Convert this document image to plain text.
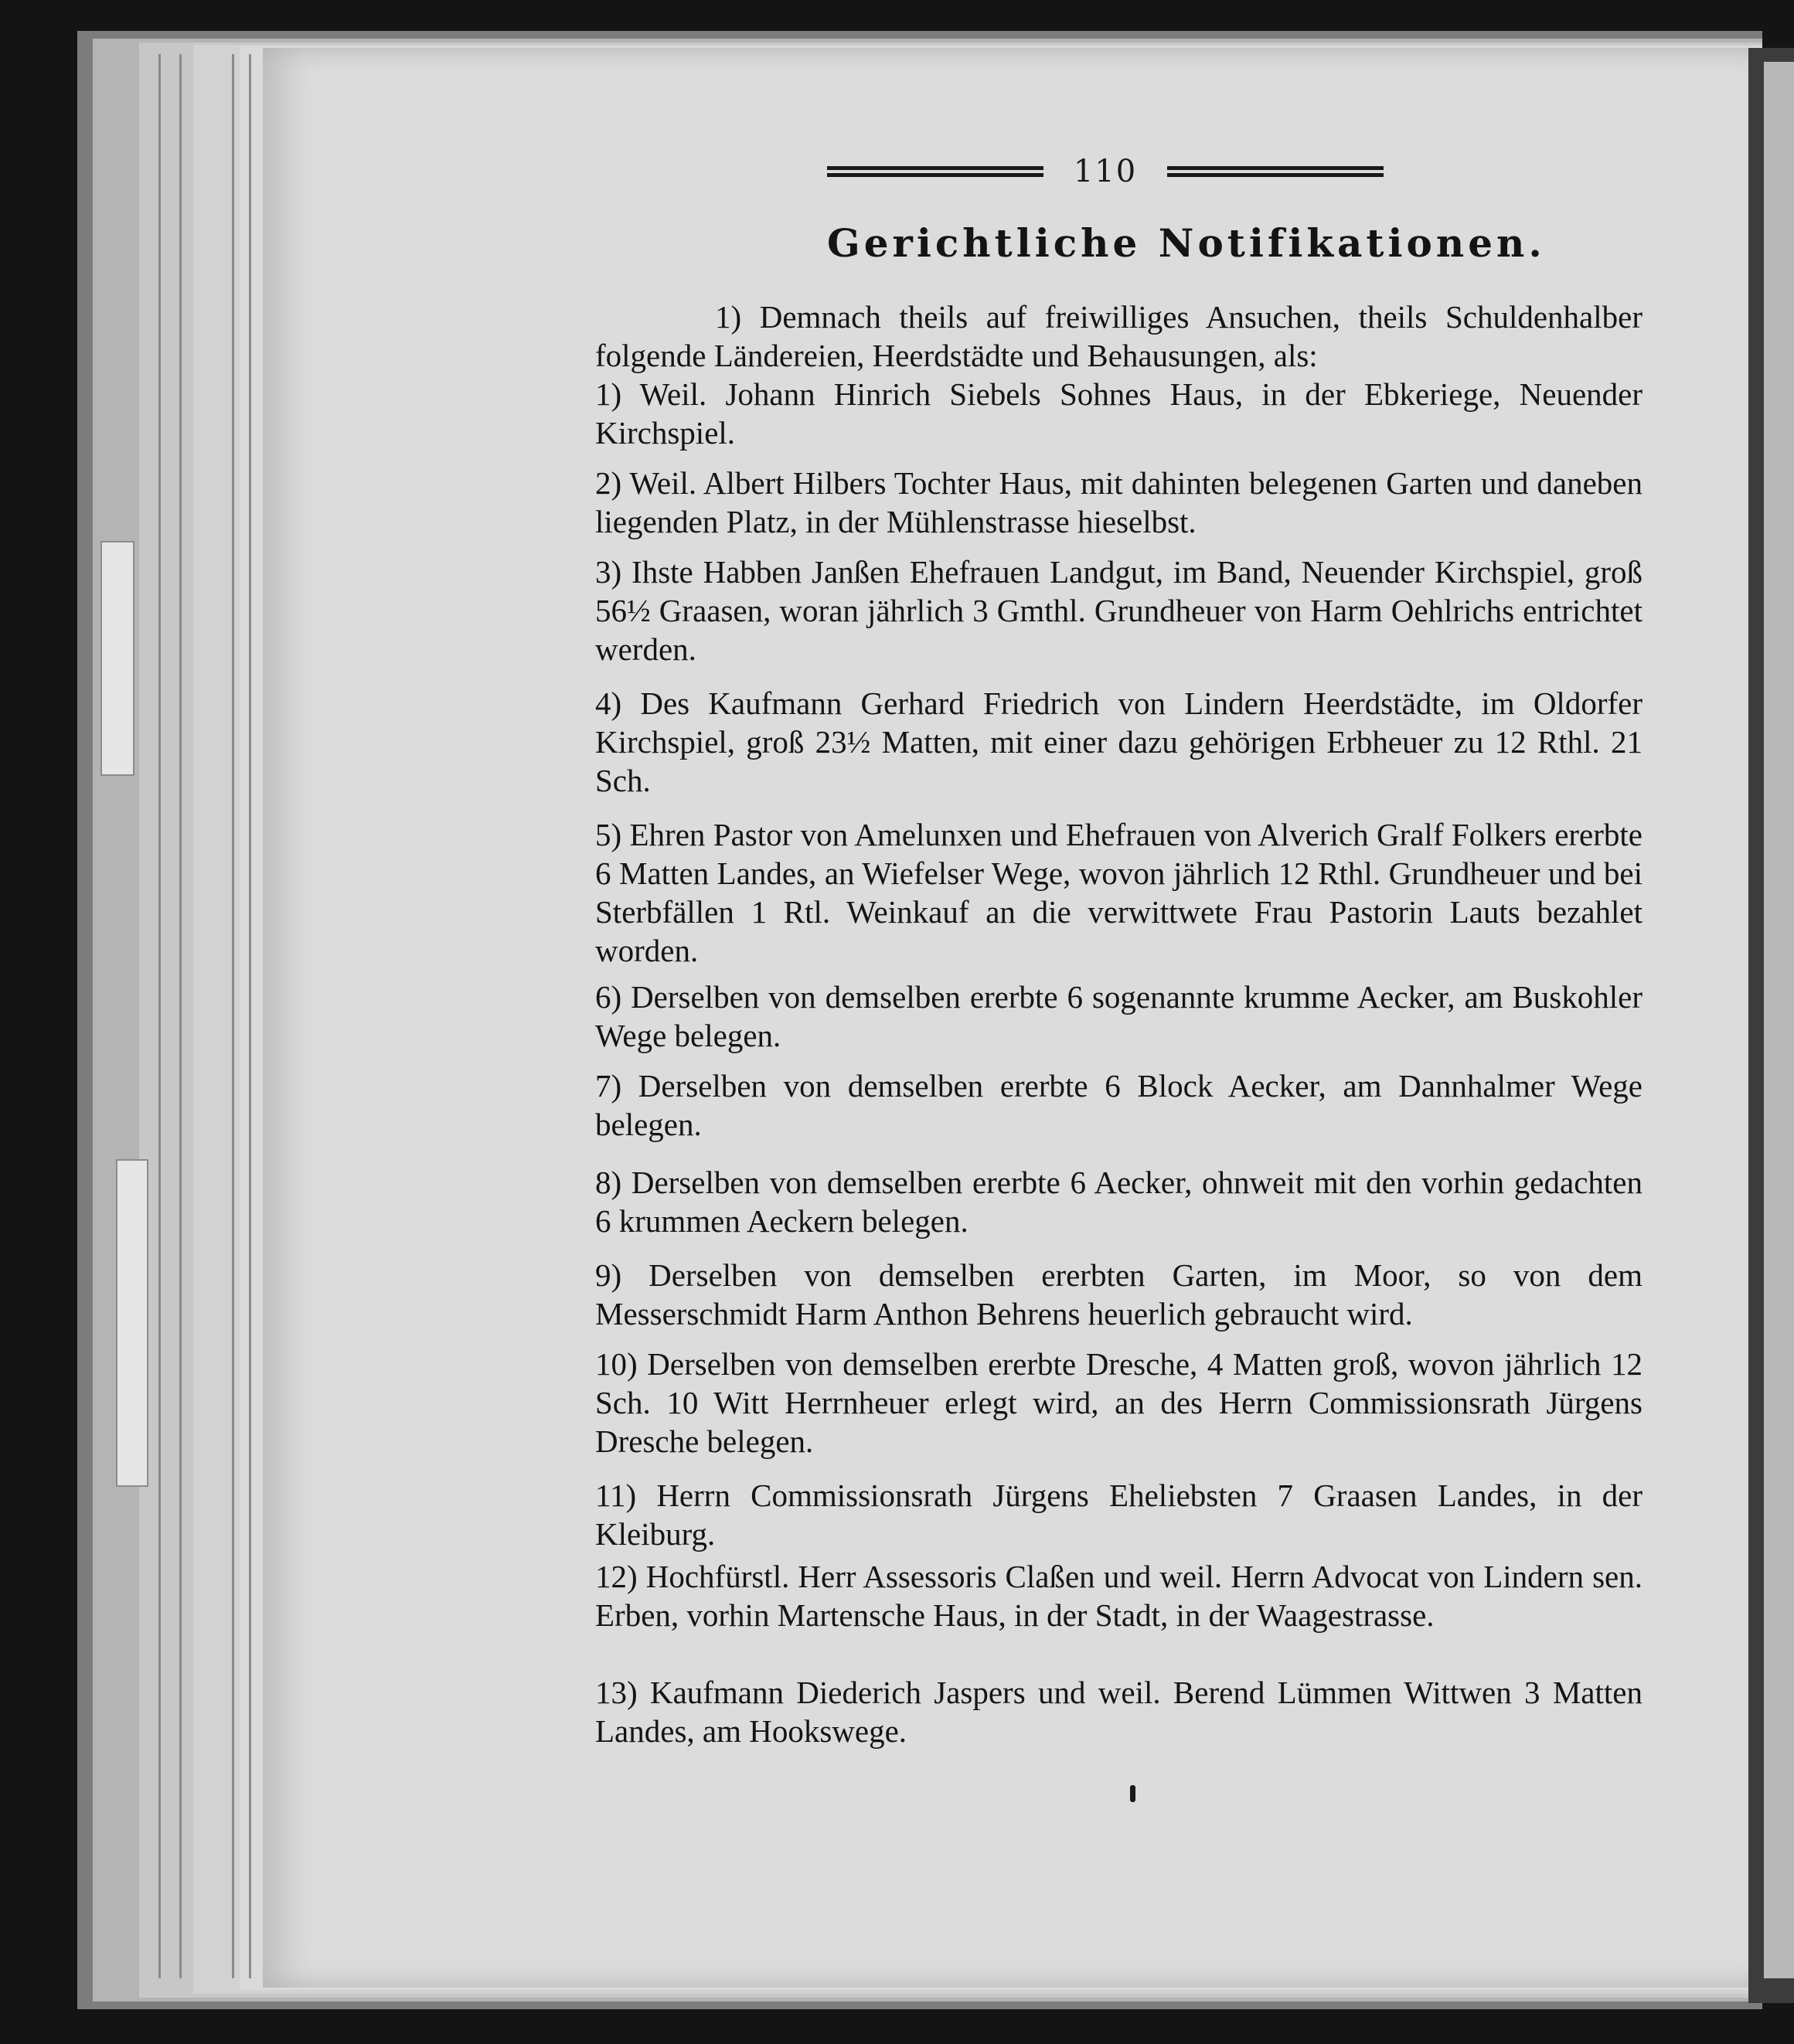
110
Gerichtliche Notifikationen.

1) Demnach theils auf freiwilliges Ansuchen, theils Schuldenhalber folgende Ländereien, Heerdstädte und Behausungen, als:

1) Weil. Johann Hinrich Siebels Sohnes Haus, in der Ebkeriege, Neuender Kirchspiel.

2) Weil. Albert Hilbers Tochter Haus, mit dahinten belegenen Garten und daneben liegenden Platz, in der Mühlenstrasse hieselbst.

3) Ihste Habben Janßen Ehefrauen Landgut, im Band, Neuender Kirchspiel, groß 56½ Graasen, woran jährlich 3 Gmthl. Grundheuer von Harm Oehlrichs entrichtet werden.

4) Des Kaufmann Gerhard Friedrich von Lindern Heerdstädte, im Oldorfer Kirchspiel, groß 23½ Matten, mit einer dazu gehörigen Erbheuer zu 12 Rthl. 21 Sch.

5) Ehren Pastor von Amelunxen und Ehefrauen von Alverich Gralf Folkers ererbte 6 Matten Landes, an Wiefelser Wege, wovon jährlich 12 Rthl. Grundheuer und bei Sterbfällen 1 Rtl. Weinkauf an die verwittwete Frau Pastorin Lauts bezahlet worden.

6) Derselben von demselben ererbte 6 sogenannte krumme Aecker, am Buskohler Wege belegen.

7) Derselben von demselben ererbte 6 Block Aecker, am Dannhalmer Wege belegen.

8) Derselben von demselben ererbte 6 Aecker, ohnweit mit den vorhin gedachten 6 krummen Aeckern belegen.

9) Derselben von demselben ererbten Garten, im Moor, so von dem Messerschmidt Harm Anthon Behrens heuerlich gebraucht wird.

10) Derselben von demselben ererbte Dresche, 4 Matten groß, wovon jährlich 12 Sch. 10 Witt Herrnheuer erlegt wird, an des Herrn Commissionsrath Jürgens Dresche belegen.

11) Herrn Commissionsrath Jürgens Eheliebsten 7 Graasen Landes, in der Kleiburg.

12) Hochfürstl. Herr Assessoris Claßen und weil. Herrn Advocat von Lindern sen. Erben, vorhin Martensche Haus, in der Stadt, in der Waagestrasse.

13) Kaufmann Diederich Jaspers und weil. Berend Lümmen Wittwen 3 Matten Landes, am Hookswege.
